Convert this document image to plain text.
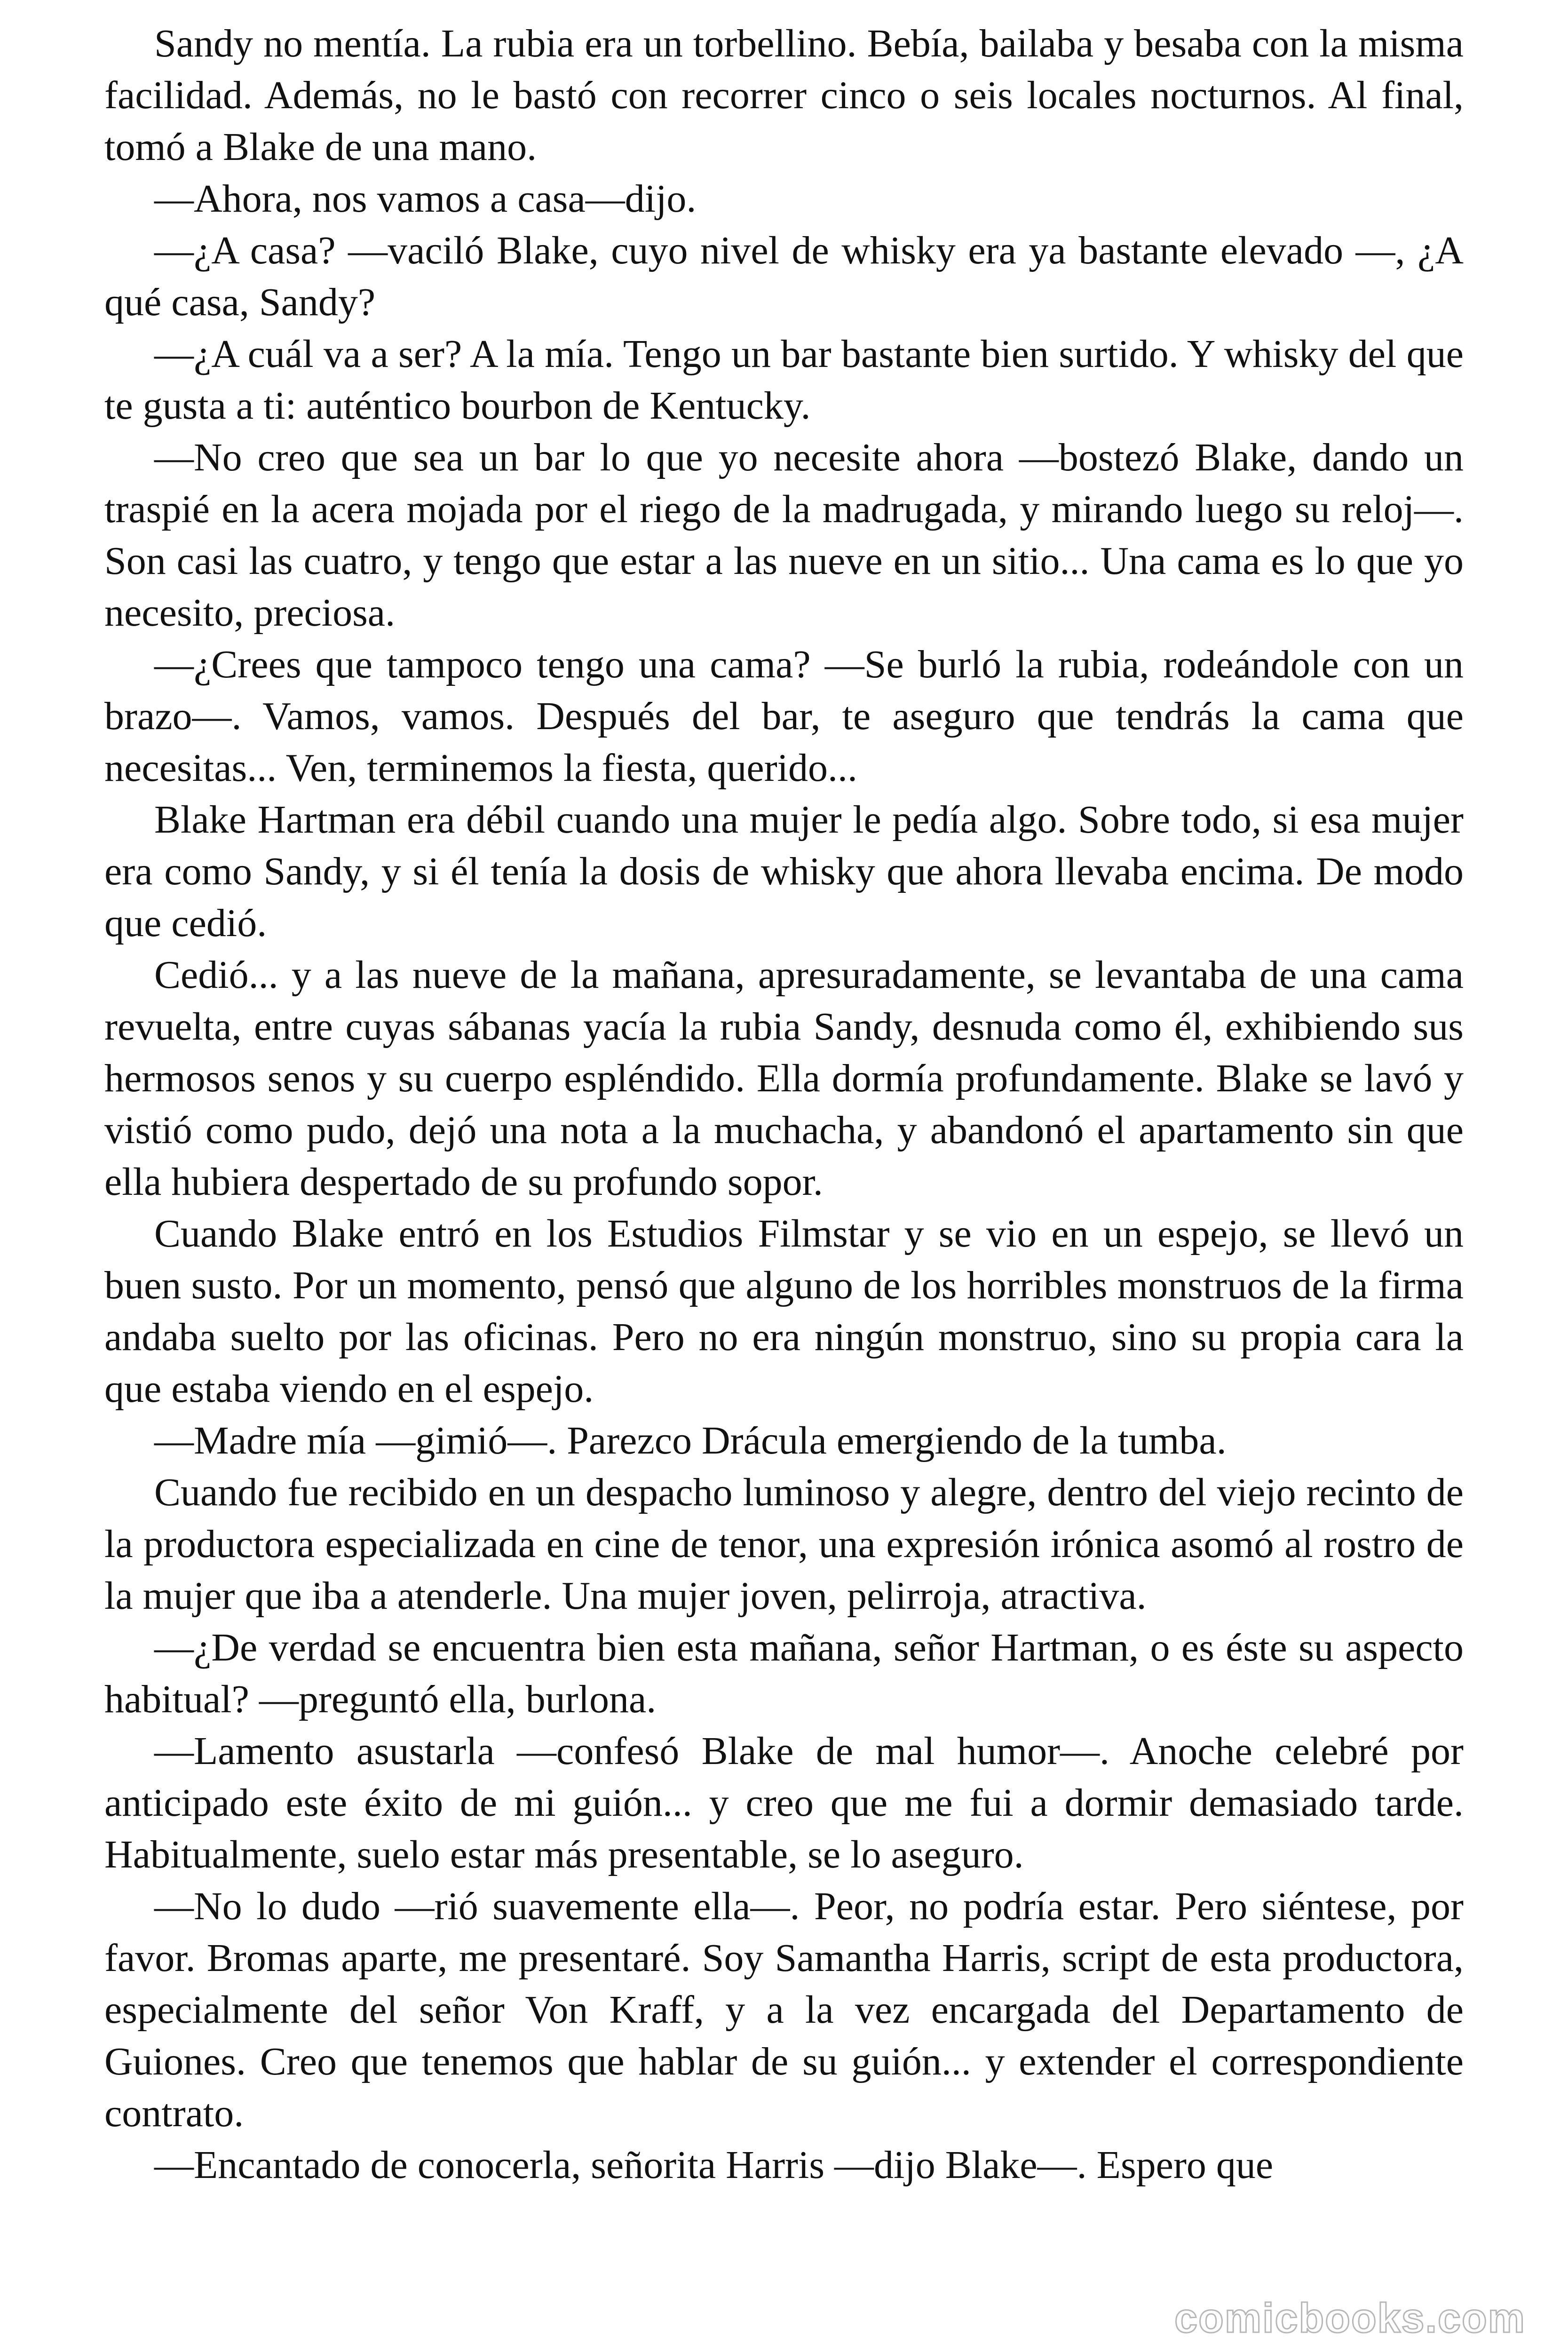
Sandy no mentía. La rubia era un torbellino. Bebía, bailaba y besaba con la misma facilidad. Además, no le bastó con recorrer cinco o seis locales nocturnos. Al final, tomó a Blake de una mano.

—Ahora, nos vamos a casa—dijo.

—¿A casa? —vaciló Blake, cuyo nivel de whisky era ya bastante elevado —, ¿A qué casa, Sandy?

—¿A cuál va a ser? A la mía. Tengo un bar bastante bien surtido. Y whisky del que te gusta a ti: auténtico bourbon de Kentucky.

—No creo que sea un bar lo que yo necesite ahora —bostezó Blake, dando un traspié en la acera mojada por el riego de la madrugada, y mirando luego su reloj—. Son casi las cuatro, y tengo que estar a las nueve en un sitio... Una cama es lo que yo necesito, preciosa.

—¿Crees que tampoco tengo una cama? —Se burló la rubia, rodeándole con un brazo—. Vamos, vamos. Después del bar, te aseguro que tendrás la cama que necesitas... Ven, terminemos la fiesta, querido...

Blake Hartman era débil cuando una mujer le pedía algo. Sobre todo, si esa mujer era como Sandy, y si él tenía la dosis de whisky que ahora llevaba encima. De modo que cedió.

Cedió... y a las nueve de la mañana, apresuradamente, se levantaba de una cama revuelta, entre cuyas sábanas yacía la rubia Sandy, desnuda como él, exhibiendo sus hermosos senos y su cuerpo espléndido. Ella dormía profundamente. Blake se lavó y vistió como pudo, dejó una nota a la muchacha, y abandonó el apartamento sin que ella hubiera despertado de su profundo sopor.

Cuando Blake entró en los Estudios Filmstar y se vio en un espejo, se llevó un buen susto. Por un momento, pensó que alguno de los horribles monstruos de la firma andaba suelto por las oficinas. Pero no era ningún monstruo, sino su propia cara la que estaba viendo en el espejo.

—Madre mía —gimió—. Parezco Drácula emergiendo de la tumba.

Cuando fue recibido en un despacho luminoso y alegre, dentro del viejo recinto de la productora especializada en cine de tenor, una expresión irónica asomó al rostro de la mujer que iba a atenderle. Una mujer joven, pelirroja, atractiva.

—¿De verdad se encuentra bien esta mañana, señor Hartman, o es éste su aspecto habitual? —preguntó ella, burlona.

—Lamento asustarla —confesó Blake de mal humor—. Anoche celebré por anticipado este éxito de mi guión... y creo que me fui a dormir demasiado tarde. Habitualmente, suelo estar más presentable, se lo aseguro.

—No lo dudo —rió suavemente ella—. Peor, no podría estar. Pero siéntese, por favor. Bromas aparte, me presentaré. Soy Samantha Harris, script de esta productora, especialmente del señor Von Kraff, y a la vez encargada del Departamento de Guiones. Creo que tenemos que hablar de su guión... y extender el correspondiente contrato.

—Encantado de conocerla, señorita Harris —dijo Blake—. Espero que

comicbooks.com
